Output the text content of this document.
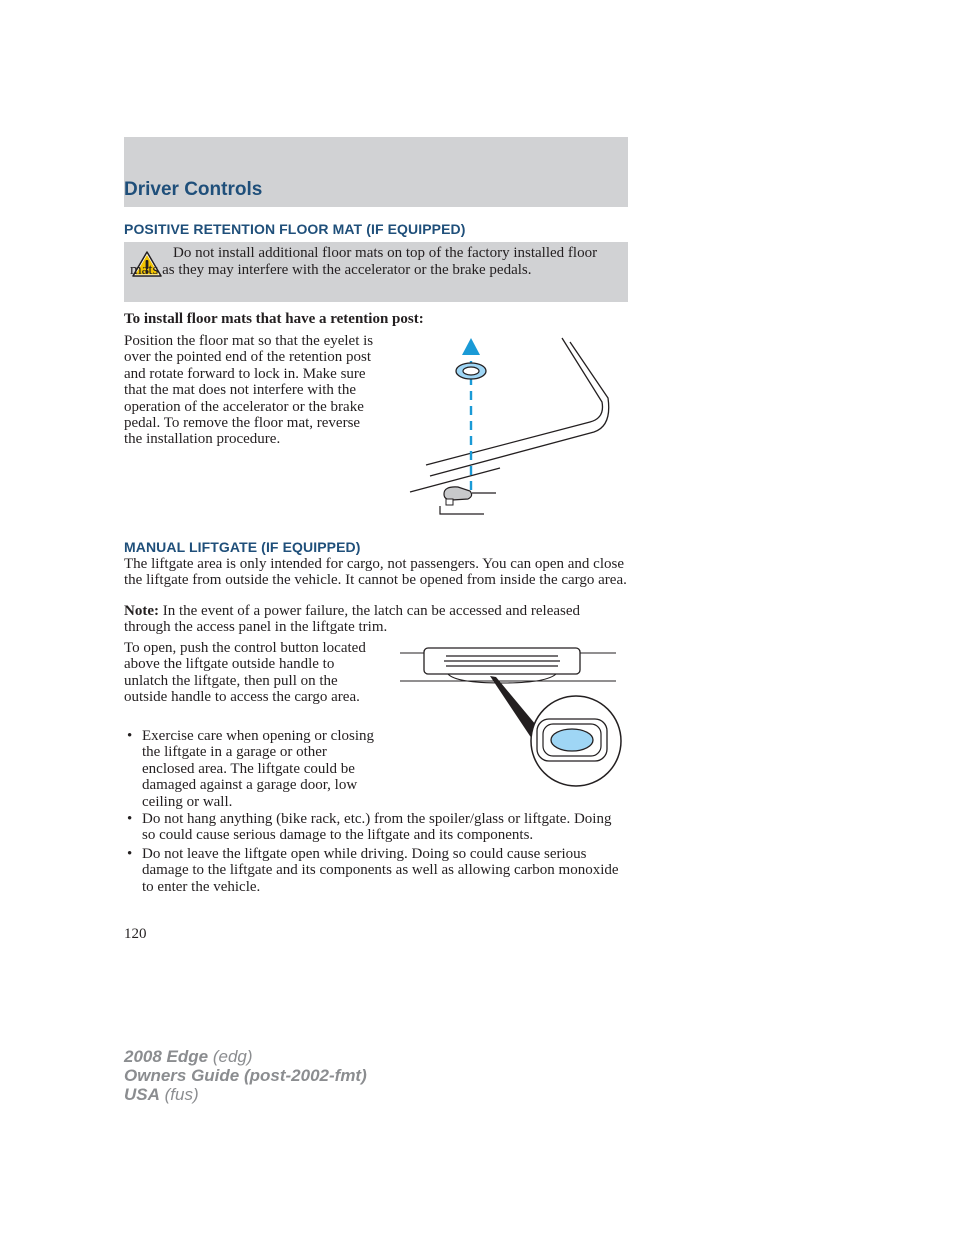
Driver Controls
POSITIVE RETENTION FLOOR MAT (IF EQUIPPED)
Do not install additional floor mats on top of the factory installed floor mats as they may interfere with the accelerator or the brake pedals.
To install floor mats that have a retention post:
Position the floor mat so that the eyelet is over the pointed end of the retention post and rotate forward to lock in. Make sure that the mat does not interfere with the operation of the accelerator or the brake pedal. To remove the floor mat, reverse the installation procedure.
MANUAL LIFTGATE (IF EQUIPPED)
The liftgate area is only intended for cargo, not passengers. You can open and close the liftgate from outside the vehicle. It cannot be opened from inside the cargo area.
Note: In the event of a power failure, the latch can be accessed and released through the access panel in the liftgate trim.
To open, push the control button located above the liftgate outside handle to unlatch the liftgate, then pull on the outside handle to access the cargo area.
• Exercise care when opening or closing the liftgate in a garage or other enclosed area. The liftgate could be damaged against a garage door, low ceiling or wall.
• Do not hang anything (bike rack, etc.) from the spoiler/glass or liftgate. Doing so could cause serious damage to the liftgate and its components.
• Do not leave the liftgate open while driving. Doing so could cause serious damage to the liftgate and its components as well as allowing carbon monoxide to enter the vehicle.
120
2008 Edge (edg)
Owners Guide (post-2002-fmt)
USA (fus)
